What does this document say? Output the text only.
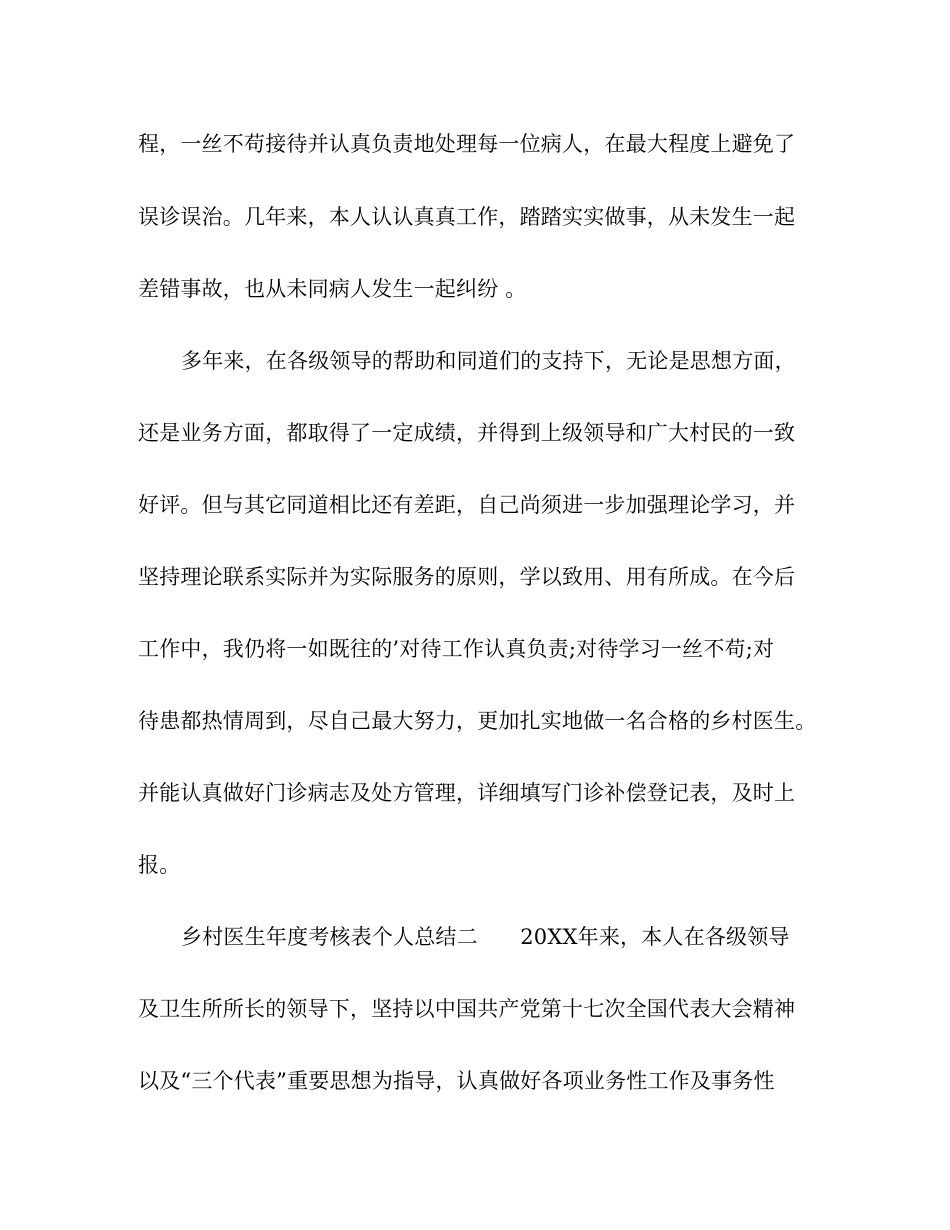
程，一丝不苟接待并认真负责地处理每一位病人，在最大程度上避免了
误诊误治。几年来，本人认认真真工作，踏踏实实做事，从未发生一起
差错事故，也从未同病人发生一起纠纷 。
多年来，在各级领导的帮助和同道们的支持下，无论是思想方面，
还是业务方面，都取得了一定成绩，并得到上级领导和广大村民的一致
好评。但与其它同道相比还有差距，自己尚须进一步加强理论学习，并
坚持理论联系实际并为实际服务的原则，学以致用、用有所成。在今后
工作中，我仍将一如既往的’对待工作认真负责;对待学习一丝不苟;对
待患都热情周到，尽自己最大努力，更加扎实地做一名合格的乡村医生。
并能认真做好门诊病志及处方管理，详细填写门诊补偿登记表，及时上
报。
乡村医生年度考核表个人总结二　　20XX年来，本人在各级领导
及卫生所所长的领导下，坚持以中国共产党第十七次全国代表大会精神
以及“三个代表”重要思想为指导，认真做好各项业务性工作及事务性
